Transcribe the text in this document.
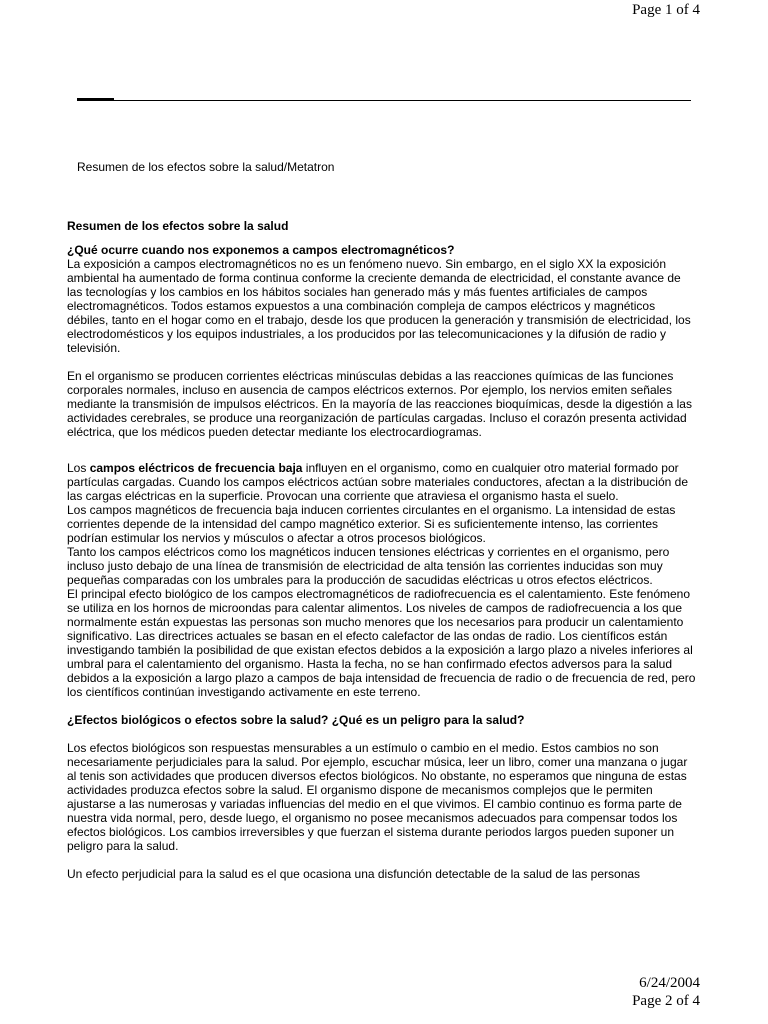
Page 1 of 4
Resumen de los efectos sobre la salud/Metatron

Resumen de los efectos sobre la salud

¿Qué ocurre cuando nos exponemos a campos electromagnéticos?

La exposición a campos electromagnéticos no es un fenómeno nuevo. Sin embargo, en el siglo XX la exposición ambiental ha aumentado de forma continua conforme la creciente demanda de electricidad, el constante avance de las tecnologías y los cambios en los hábitos sociales han generado más y más fuentes artificiales de campos electromagnéticos. Todos estamos expuestos a una combinación compleja de campos eléctricos y magnéticos débiles, tanto en el hogar como en el trabajo, desde los que producen la generación y transmisión de electricidad, los electrodomésticos y los equipos industriales, a los producidos por las telecomunicaciones y la difusión de radio y televisión.

En el organismo se producen corrientes eléctricas minúsculas debidas a las reacciones químicas de las funciones corporales normales, incluso en ausencia de campos eléctricos externos. Por ejemplo, los nervios emiten señales mediante la transmisión de impulsos eléctricos. En la mayoría de las reacciones bioquímicas, desde la digestión a las actividades cerebrales, se produce una reorganización de partículas cargadas. Incluso el corazón presenta actividad eléctrica, que los médicos pueden detectar mediante los electrocardiogramas.

Los campos eléctricos de frecuencia baja influyen en el organismo, como en cualquier otro material formado por partículas cargadas. Cuando los campos eléctricos actúan sobre materiales conductores, afectan a la distribución de las cargas eléctricas en la superficie. Provocan una corriente que atraviesa el organismo hasta el suelo.

Los campos magnéticos de frecuencia baja inducen corrientes circulantes en el organismo. La intensidad de estas corrientes depende de la intensidad del campo magnético exterior. Si es suficientemente intenso, las corrientes podrían estimular los nervios y músculos o afectar a otros procesos biológicos.

Tanto los campos eléctricos como los magnéticos inducen tensiones eléctricas y corrientes en el organismo, pero incluso justo debajo de una línea de transmisión de electricidad de alta tensión las corrientes inducidas son muy pequeñas comparadas con los umbrales para la producción de sacudidas eléctricas u otros efectos eléctricos.

El principal efecto biológico de los campos electromagnéticos de radiofrecuencia es el calentamiento. Este fenómeno se utiliza en los hornos de microondas para calentar alimentos. Los niveles de campos de radiofrecuencia a los que normalmente están expuestas las personas son mucho menores que los necesarios para producir un calentamiento significativo. Las directrices actuales se basan en el efecto calefactor de las ondas de radio. Los científicos están investigando también la posibilidad de que existan efectos debidos a la exposición a largo plazo a niveles inferiores al umbral para el calentamiento del organismo. Hasta la fecha, no se han confirmado efectos adversos para la salud debidos a la exposición a largo plazo a campos de baja intensidad de frecuencia de radio o de frecuencia de red, pero los científicos continúan investigando activamente en este terreno.

¿Efectos biológicos o efectos sobre la salud? ¿Qué es un peligro para la salud?

Los efectos biológicos son respuestas mensurables a un estímulo o cambio en el medio. Estos cambios no son necesariamente perjudiciales para la salud. Por ejemplo, escuchar música, leer un libro, comer una manzana o jugar al tenis son actividades que producen diversos efectos biológicos. No obstante, no esperamos que ninguna de estas actividades produzca efectos sobre la salud. El organismo dispone de mecanismos complejos que le permiten ajustarse a las numerosas y variadas influencias del medio en el que vivimos. El cambio continuo es forma parte de nuestra vida normal, pero, desde luego, el organismo no posee mecanismos adecuados para compensar todos los efectos biológicos. Los cambios irreversibles y que fuerzan el sistema durante periodos largos pueden suponer un peligro para la salud.

Un efecto perjudicial para la salud es el que ocasiona una disfunción detectable de la salud de las personas

6/24/2004
Page 2 of 4
